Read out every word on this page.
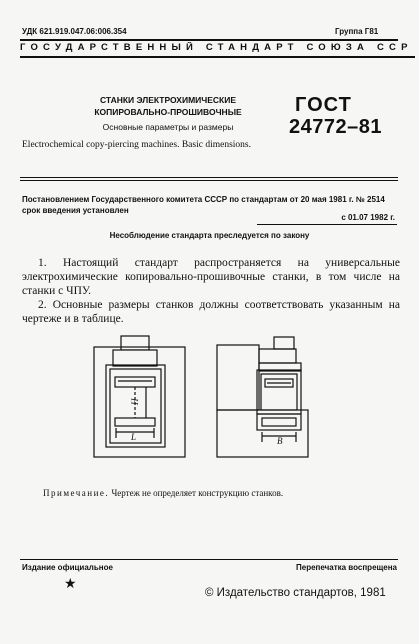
УДК 621.919.047.06:006.354	Группа Г81
ГОСУДАРСТВЕННЫЙ СТАНДАРТ СОЮЗА ССР
СТАНКИ ЭЛЕКТРОХИМИЧЕСКИЕ
КОПИРОВАЛЬНО-ПРОШИВОЧНЫЕ
Основные параметры и размеры
Electrochemical copy-piercing machines. Basic dimensions.
ГОСТ
24772–81
Постановлением Государственного комитета СССР по стандартам от 20 мая 1981 г. № 2514 срок введения установлен
с 01.07 1982 г.
Несоблюдение стандарта преследуется по закону
1. Настоящий стандарт распространяется на универсальные электрохимические копировально-прошивочные станки, в том числе на станки с ЧПУ.
2. Основные размеры станков должны соответствовать указанным на чертеже и в таблице.
H
L	B
Примечание. Чертеж не определяет конструкцию станков.
Издание официальное	Перепечатка воспрещена
★
© Издательство стандартов, 1981
